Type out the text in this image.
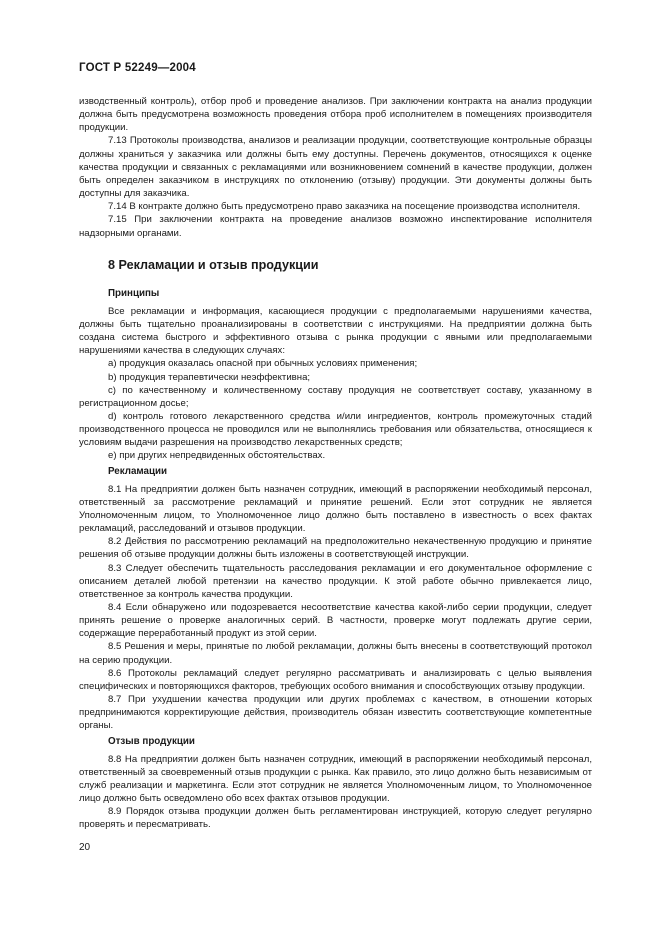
ГОСТ Р 52249—2004

изводственный контроль), отбор проб и проведение анализов. При заключении контракта на анализ продукции должна быть предусмотрена возможность проведения отбора проб исполнителем в помещениях производителя продукции.

7.13 Протоколы производства, анализов и реализации продукции, соответствующие контрольные образцы должны храниться у заказчика или должны быть ему доступны. Перечень документов, относящихся к оценке качества продукции и связанных с рекламациями или возникновением сомнений в качестве продукции, должен быть определен заказчиком в инструкциях по отклонению (отзыву) продукции. Эти документы должны быть доступны для заказчика.

7.14 В контракте должно быть предусмотрено право заказчика на посещение производства исполнителя.

7.15 При заключении контракта на проведение анализов возможно инспектирование исполнителя надзорными органами.

8 Рекламации и отзыв продукции
Принципы

Все рекламации и информация, касающиеся продукции с предполагаемыми нарушениями качества, должны быть тщательно проанализированы в соответствии с инструкциями. На предприятии должна быть создана система быстрого и эффективного отзыва с рынка продукции с явными или предполагаемыми нарушениями качества в следующих случаях:

а) продукция оказалась опасной при обычных условиях применения;

b) продукция терапевтически неэффективна;

с) по качественному и количественному составу продукция не соответствует составу, указанному в регистрационном досье;

d) контроль готового лекарственного средства и/или ингредиентов, контроль промежуточных стадий производственного процесса не проводился или не выполнялись требования или обязательства, относящиеся к условиям выдачи разрешения на производство лекарственных средств;

е) при других непредвиденных обстоятельствах.

Рекламации

8.1 На предприятии должен быть назначен сотрудник, имеющий в распоряжении необходимый персонал, ответственный за рассмотрение рекламаций и принятие решений. Если этот сотрудник не является Уполномоченным лицом, то Уполномоченное лицо должно быть поставлено в известность о всех фактах рекламаций, расследований и отзывов продукции.

8.2 Действия по рассмотрению рекламаций на предположительно некачественную продукцию и принятие решения об отзыве продукции должны быть изложены в соответствующей инструкции.

8.3 Следует обеспечить тщательность расследования рекламации и его документальное оформление с описанием деталей любой претензии на качество продукции. К этой работе обычно привлекается лицо, ответственное за контроль качества продукции.

8.4 Если обнаружено или подозревается несоответствие качества какой-либо серии продукции, следует принять решение о проверке аналогичных серий. В частности, проверке могут подлежать другие серии, содержащие переработанный продукт из этой серии.

8.5 Решения и меры, принятые по любой рекламации, должны быть внесены в соответствующий протокол на серию продукции.

8.6 Протоколы рекламаций следует регулярно рассматривать и анализировать с целью выявления специфических и повторяющихся факторов, требующих особого внимания и способствующих отзыву продукции.

8.7 При ухудшении качества продукции или других проблемах с качеством, в отношении которых предпринимаются корректирующие действия, производитель обязан известить соответствующие компетентные органы.

Отзыв продукции

8.8 На предприятии должен быть назначен сотрудник, имеющий в распоряжении необходимый персонал, ответственный за своевременный отзыв продукции с рынка. Как правило, это лицо должно быть независимым от служб реализации и маркетинга. Если этот сотрудник не является Уполномоченным лицом, то Уполномоченное лицо должно быть осведомлено обо всех фактах отзывов продукции.

8.9 Порядок отзыва продукции должен быть регламентирован инструкцией, которую следует регулярно проверять и пересматривать.

20
